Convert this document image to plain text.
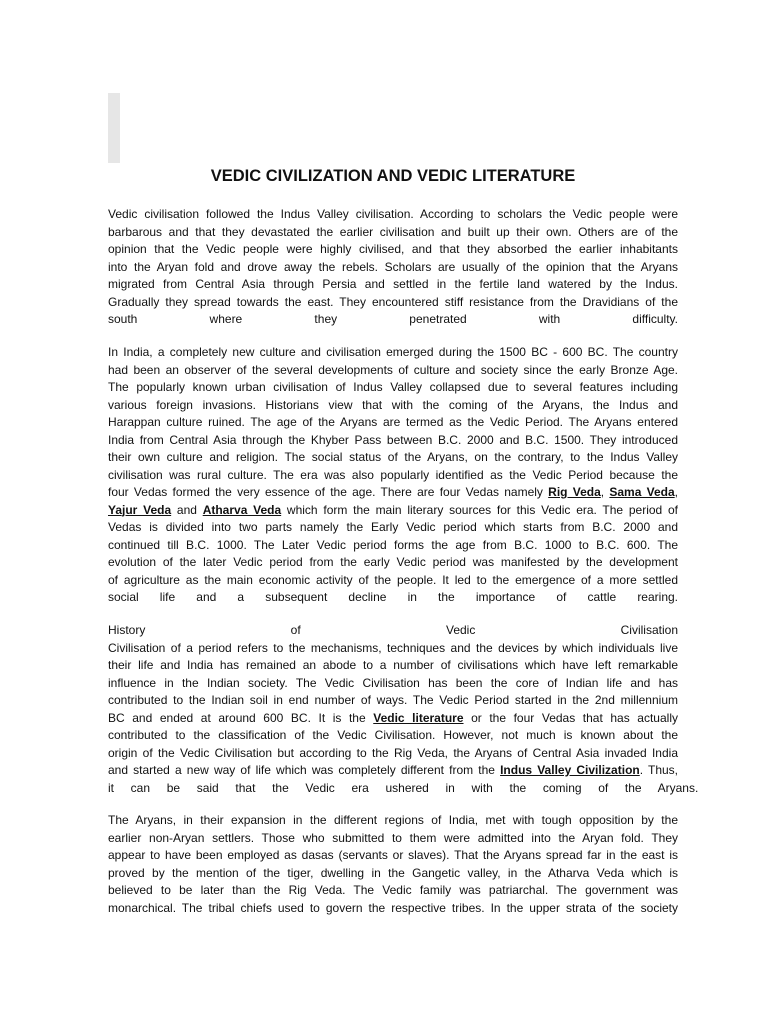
VEDIC CIVILIZATION AND VEDIC LITERATURE
Vedic civilisation followed the Indus Valley civilisation. According to scholars the Vedic people were
barbarous and that they devastated the earlier civilisation and built up their own. Others are of the
opinion that the Vedic people were highly civilised, and that they absorbed the earlier inhabitants
into the Aryan fold and drove away the rebels. Scholars are usually of the opinion that the Aryans
migrated from Central Asia through Persia and settled in the fertile land watered by the Indus.
Gradually they spread towards the east. They encountered stiff resistance from the Dravidians of the
south          where          they          penetrated          with          difficulty.
In India, a completely new culture and civilisation emerged during the 1500 BC - 600 BC. The country
had been an observer of the several developments of culture and society since the early Bronze Age.
The popularly known urban civilisation of Indus Valley collapsed due to several features including
various foreign invasions. Historians view that with the coming of the Aryans, the Indus and
Harappan culture ruined. The age of the Aryans are termed as the Vedic Period. The Aryans entered
India from Central Asia through the Khyber Pass between B.C. 2000 and B.C. 1500. They introduced
their own culture and religion. The social status of the Aryans, on the contrary, to the Indus Valley
civilisation was rural culture. The era was also popularly identified as the Vedic Period because the
four Vedas formed the very essence of the age. There are four Vedas namely Rig Veda, Sama Veda,
Yajur Veda and Atharva Veda which form the main literary sources for this Vedic era. The period of
Vedas is divided into two parts namely the Early Vedic period which starts from B.C. 2000 and
continued till B.C. 1000. The Later Vedic period forms the age from B.C. 1000 to B.C. 600. The
evolution of the later Vedic period from the early Vedic period was manifested by the development
of agriculture as the main economic activity of the people. It led to the emergence of a more settled
social     life     and     a     subsequent     decline     in     the     importance     of     cattle     rearing.
History                    of                    Vedic                    Civilisation
Civilisation of a period refers to the mechanisms, techniques and the devices by which individuals live
their life and India has remained an abode to a number of civilisations which have left remarkable
influence in the Indian society. The Vedic Civilisation has been the core of Indian life and has
contributed to the Indian soil in end number of ways. The Vedic Period started in the 2nd millennium
BC and ended at around 600 BC. It is the Vedic literature or the four Vedas that has actually
contributed to the classification of the Vedic Civilisation. However, not much is known about the
origin of the Vedic Civilisation but according to the Rig Veda, the Aryans of Central Asia invaded India
and started a new way of life which was completely different from the Indus Valley Civilization. Thus,
it     can     be     said     that     the     Vedic     era     ushered     in     with     the     coming     of     the     Aryans.
The Aryans, in their expansion in the different regions of India, met with tough opposition by the
earlier non-Aryan settlers. Those who submitted to them were admitted into the Aryan fold. They
appear to have been employed as dasas (servants or slaves). That the Aryans spread far in the east is
proved by the mention of the tiger, dwelling in the Gangetic valley, in the Atharva Veda which is
believed to be later than the Rig Veda. The Vedic family was patriarchal. The government was
monarchical. The tribal chiefs used to govern the respective tribes. In the upper strata of the society
